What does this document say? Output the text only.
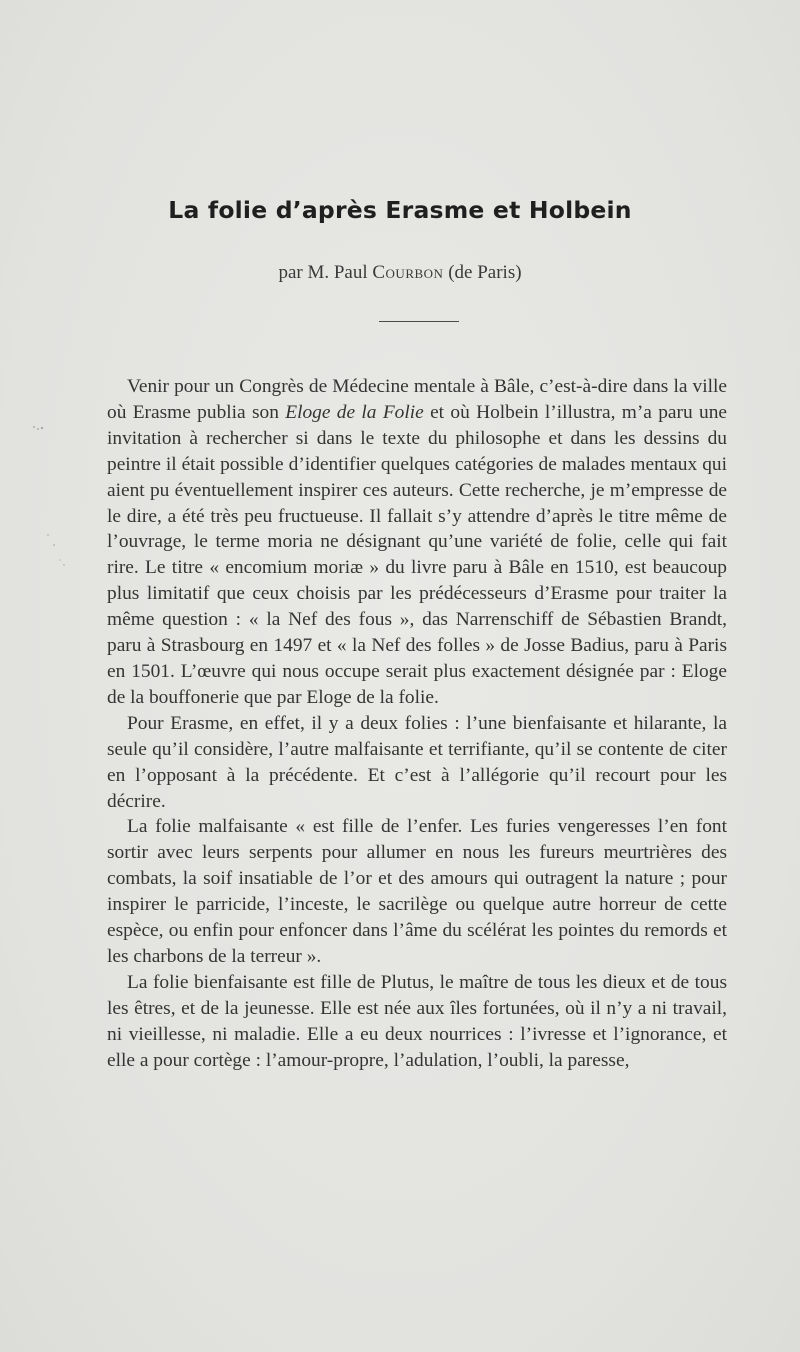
La folie d’après Erasme et Holbein

par M. Paul Courbon (de Paris)

Venir pour un Congrès de Médecine mentale à Bâle, c’est-à-dire dans la ville où Erasme publia son Eloge de la Folie et où Holbein l’illustra, m’a paru une invitation à rechercher si dans le texte du philosophe et dans les dessins du peintre il était possible d’identifier quelques catégories de malades mentaux qui aient pu éventuellement inspirer ces auteurs. Cette recherche, je m’empresse de le dire, a été très peu fructueuse. Il fallait s’y attendre d’après le titre même de l’ouvrage, le terme moria ne désignant qu’une variété de folie, celle qui fait rire. Le titre « encomium moriæ » du livre paru à Bâle en 1510, est beaucoup plus limitatif que ceux choisis par les prédécesseurs d’Erasme pour traiter la même question : « la Nef des fous », das Narrenschiff de Sébastien Brandt, paru à Strasbourg en 1497 et « la Nef des folles » de Josse Badius, paru à Paris en 1501. L’œuvre qui nous occupe serait plus exactement désignée par : Eloge de la bouffonerie que par Eloge de la folie.

Pour Erasme, en effet, il y a deux folies : l’une bienfaisante et hilarante, la seule qu’il considère, l’autre malfaisante et terrifiante, qu’il se contente de citer en l’opposant à la précédente. Et c’est à l’allégorie qu’il recourt pour les décrire.

La folie malfaisante « est fille de l’enfer. Les furies vengeresses l’en font sortir avec leurs serpents pour allumer en nous les fureurs meurtrières des combats, la soif insatiable de l’or et des amours qui outragent la nature ; pour inspirer le parricide, l’inceste, le sacrilège ou quelque autre horreur de cette espèce, ou enfin pour enfoncer dans l’âme du scélérat les pointes du remords et les charbons de la terreur ».

La folie bienfaisante est fille de Plutus, le maître de tous les dieux et de tous les êtres, et de la jeunesse. Elle est née aux îles fortunées, où il n’y a ni travail, ni vieillesse, ni maladie. Elle a eu deux nourrices : l’ivresse et l’ignorance, et elle a pour cortège : l’amour-propre, l’adulation, l’oubli, la paresse,
